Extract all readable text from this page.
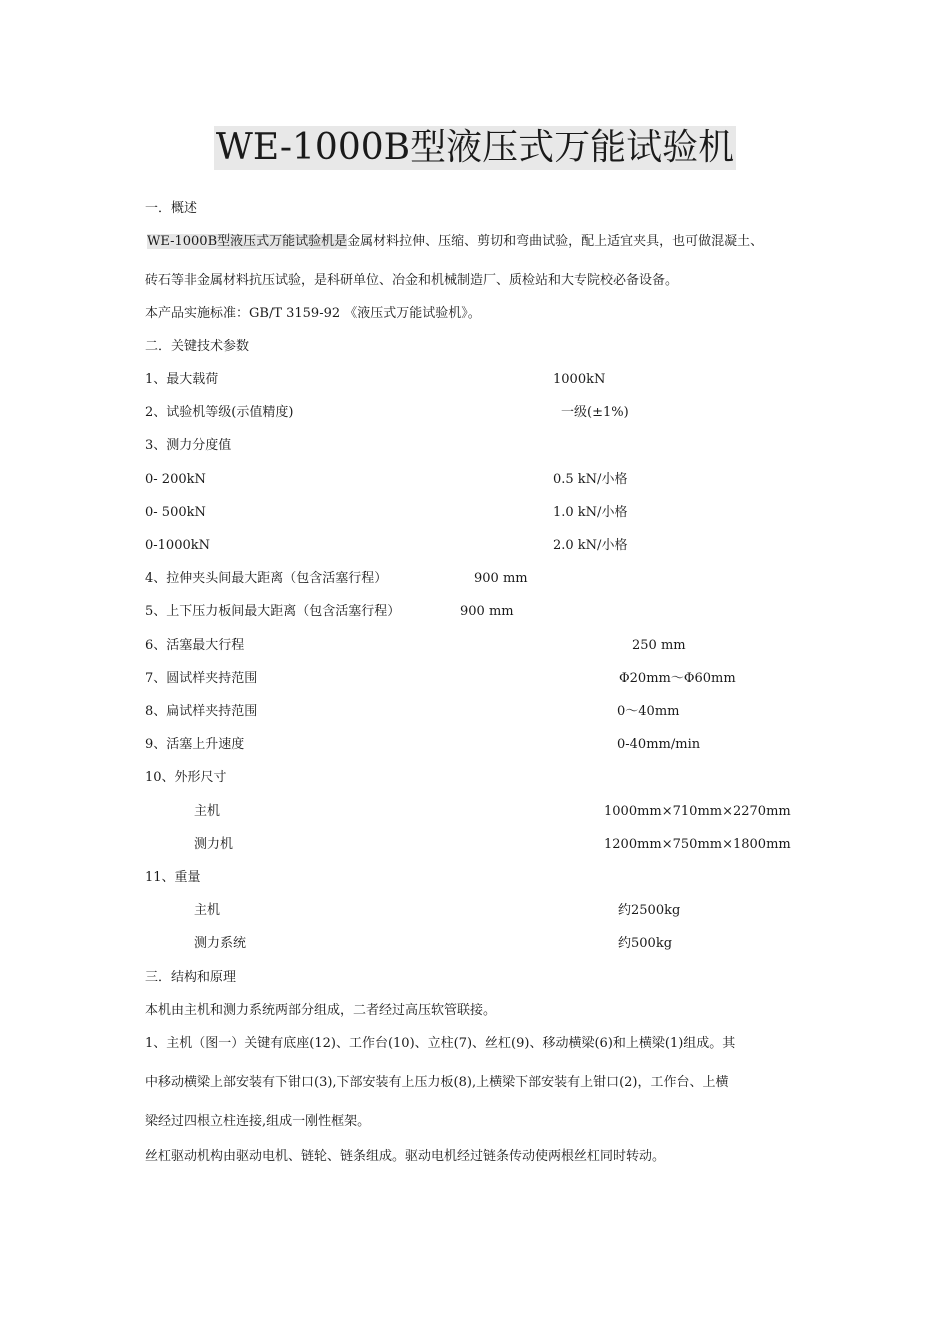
WE-1000B型液压式万能试验机
一．概述
WE-1000B型液压式万能试验机是金属材料拉伸、压缩、剪切和弯曲试验，配上适宜夹具，也可做混凝土、
砖石等非金属材料抗压试验，是科研单位、冶金和机械制造厂、质检站和大专院校必备设备。
本产品实施标准：GB/T 3159-92 《液压式万能试验机》。
二．关键技术参数
1、最大载荷	1000kN
2、试验机等级(示值精度)	一级(±1%)
3、测力分度值
0- 200kN	0.5 kN/小格
0- 500kN	1.0 kN/小格
0-1000kN	2.0 kN/小格
4、拉伸夹头间最大距离（包含活塞行程）	900 mm
5、上下压力板间最大距离（包含活塞行程）	900 mm
6、活塞最大行程	250 mm
7、圆试样夹持范围	Φ20mm～Φ60mm
8、扁试样夹持范围	0～40mm
9、活塞上升速度	0-40mm/min
10、外形尺寸
主机	1000mm×710mm×2270mm
测力机	1200mm×750mm×1800mm
11、重量
主机	约2500kg
测力系统	约500kg
三．结构和原理
本机由主机和测力系统两部分组成，二者经过高压软管联接。
1、主机（图一）关键有底座(12)、工作台(10)、立柱(7)、丝杠(9)、移动横梁(6)和上横梁(1)组成。其
中移动横梁上部安装有下钳口(3),下部安装有上压力板(8),上横梁下部安装有上钳口(2)，工作台、上横
梁经过四根立柱连接,组成一刚性框架。
丝杠驱动机构由驱动电机、链轮、链条组成。驱动电机经过链条传动使两根丝杠同时转动。
